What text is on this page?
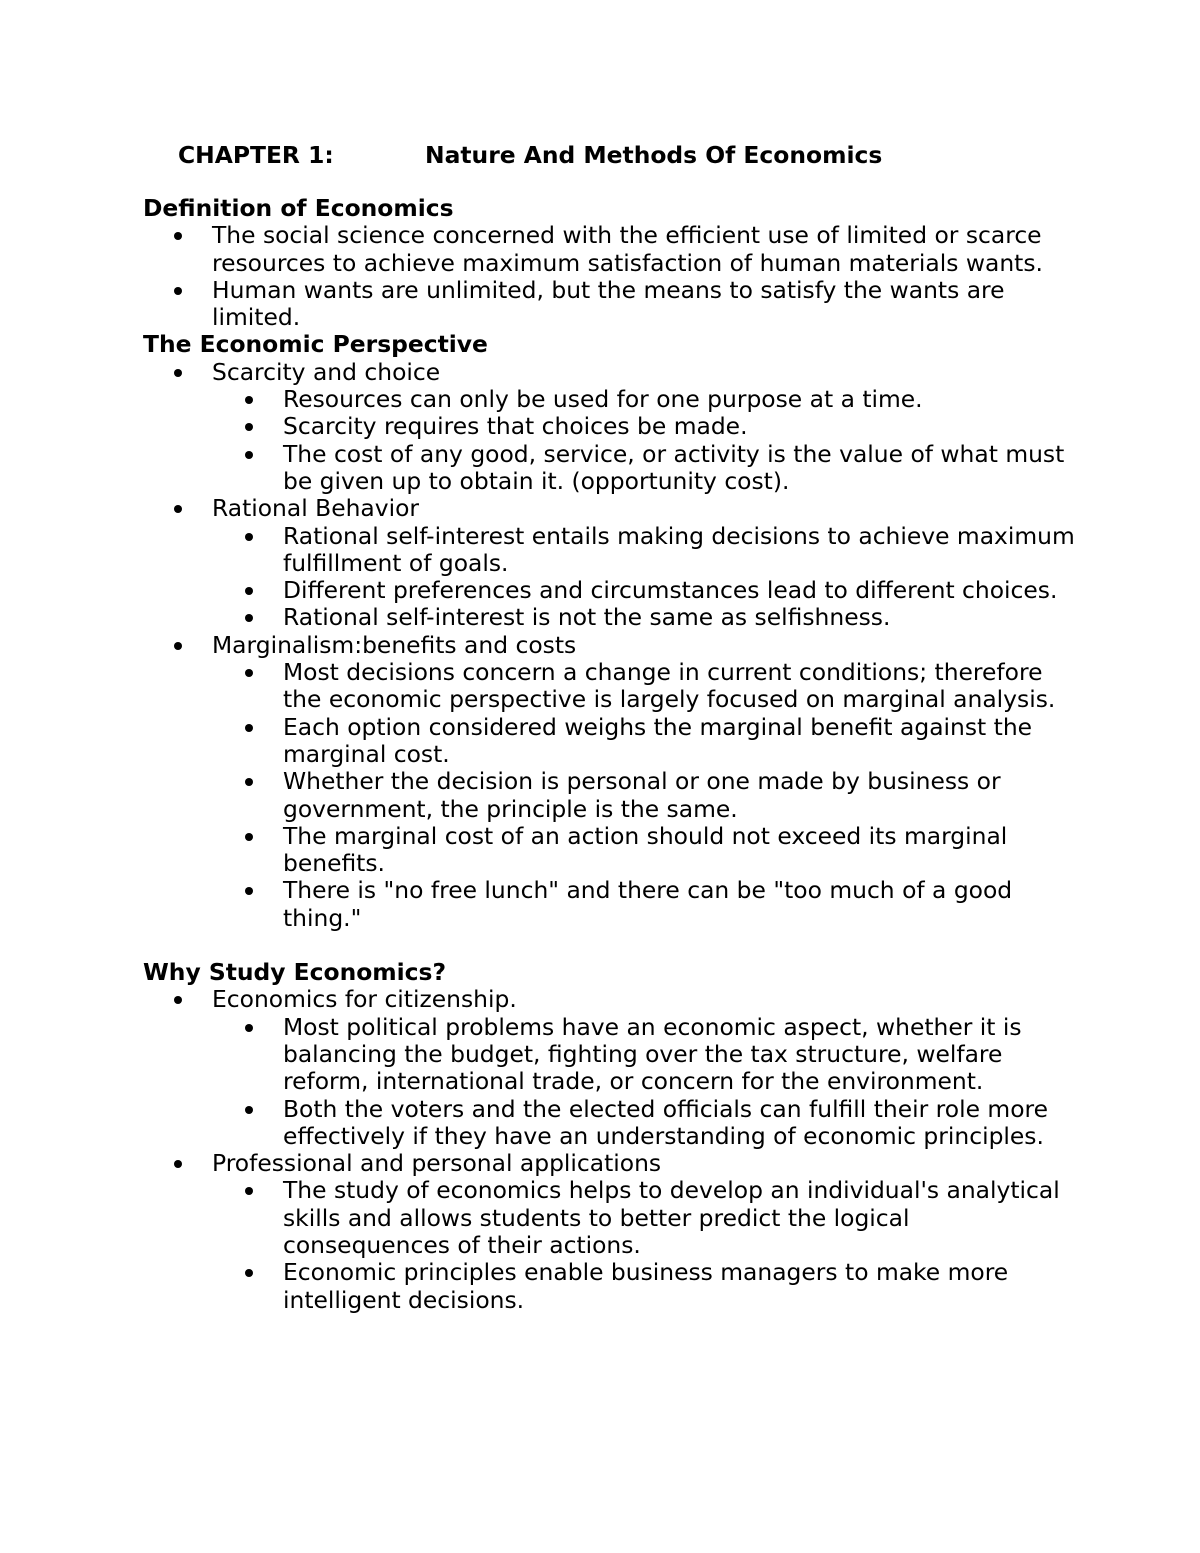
CHAPTER 1:	Nature And Methods Of Economics
Definition of Economics
The social science concerned with the efficient use of limited or scarce resources to achieve maximum satisfaction of human materials wants.
Human wants are unlimited, but the means to satisfy the wants are limited.
The Economic Perspective
Scarcity and choice
Resources can only be used for one purpose at a time.
Scarcity requires that choices be made.
The cost of any good, service, or activity is the value of what must be given up to obtain it. (opportunity cost).
Rational Behavior
Rational self-interest entails making decisions to achieve maximum fulfillment of goals.
Different preferences and circumstances lead to different choices.
Rational self-interest is not the same as selfishness.
Marginalism:benefits and costs
Most decisions concern a change in current conditions; therefore the economic perspective is largely focused on marginal analysis.
Each option considered weighs the marginal benefit against the marginal cost.
Whether the decision is personal or one made by business or government, the principle is the same.
The marginal cost of an action should not exceed its marginal benefits.
There is "no free lunch" and there can be "too much of a good thing."
Why Study Economics?
Economics for citizenship.
Most political problems have an economic aspect, whether it is balancing the budget, fighting over the tax structure, welfare reform, international trade, or concern for the environment.
Both the voters and the elected officials can fulfill their role more effectively if they have an understanding of economic principles.
Professional and personal applications
The study of economics helps to develop an individual's analytical skills and allows students to better predict the logical consequences of their actions.
Economic principles enable business managers to make more intelligent decisions.
